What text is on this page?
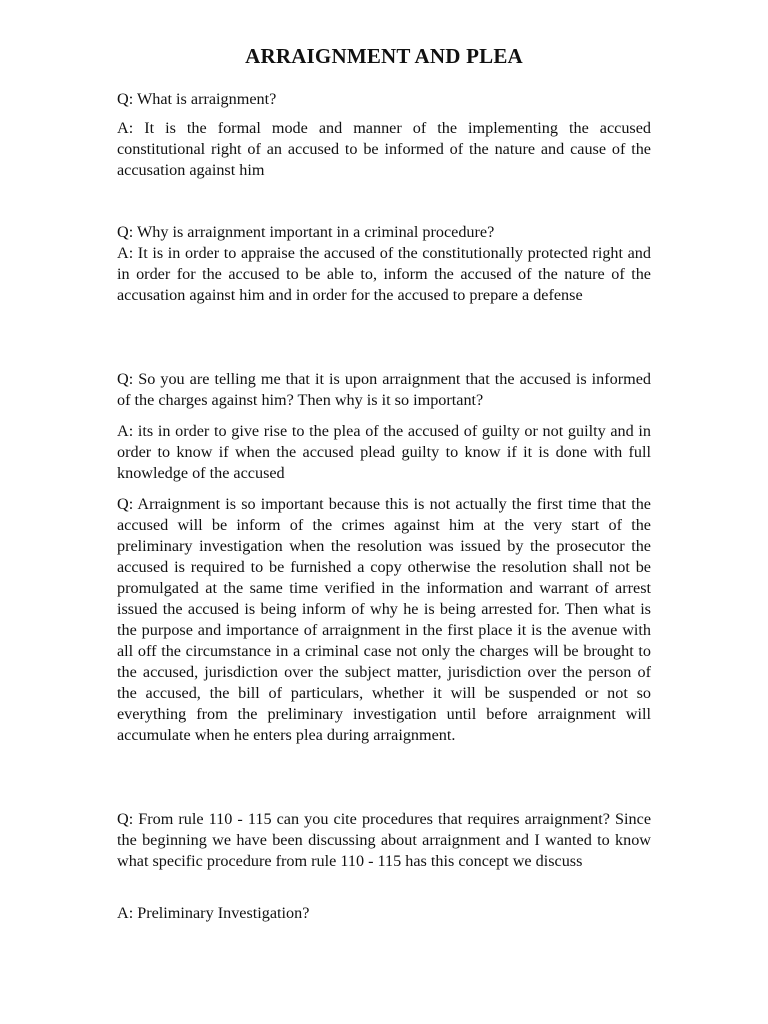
ARRAIGNMENT AND PLEA

Q: What is arraignment?

A: It is the formal mode and manner of the implementing the accused constitutional right of an accused to be informed of the nature and cause of the accusation against him

Q: Why is arraignment important in a criminal procedure?

A: It is in order to appraise the accused of the constitutionally protected right and in order for the accused to be able to, inform the accused of the nature of the accusation against him and in order for the accused to prepare a defense

Q: So you are telling me that it is upon arraignment that the accused is informed of the charges against him? Then why is it so important?

A: its in order to give rise to the plea of the accused of guilty or not guilty and in order to know if when the accused plead guilty to know if it is done with full knowledge of the accused

Q: Arraignment is so important because this is not actually the first time that the accused will be inform of the crimes against him at the very start of the preliminary investigation when the resolution was issued by the prosecutor the accused is required to be furnished a copy otherwise the resolution shall not be promulgated at the same time verified in the information and warrant of arrest issued the accused is being inform of why he is being arrested for. Then what is the purpose and importance of arraignment in the first place it is the avenue with all off the circumstance in a criminal case not only the charges will be brought to the accused, jurisdiction over the subject matter, jurisdiction over the person of the accused, the bill of particulars, whether it will be suspended or not so everything from the preliminary investigation until before arraignment will accumulate when he enters plea during arraignment.

Q: From rule 110 - 115 can you cite procedures that requires arraignment? Since the beginning we have been discussing about arraignment and I wanted to know what specific procedure from rule 110 - 115 has this concept we discuss

A: Preliminary Investigation?
